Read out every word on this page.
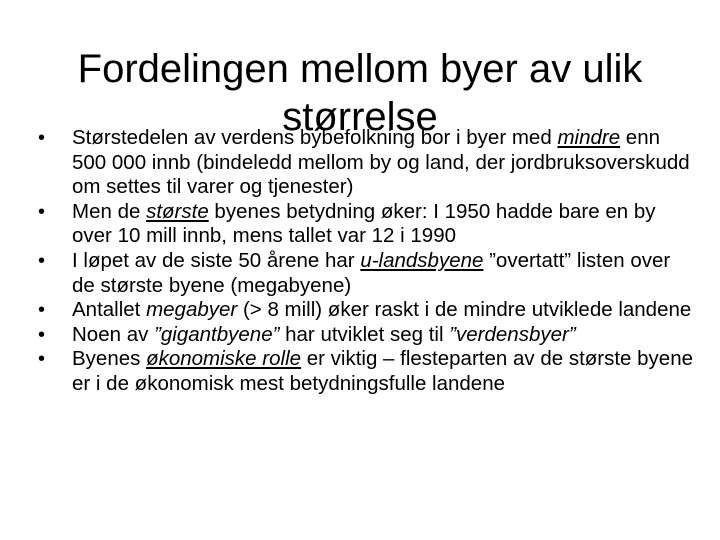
Fordelingen mellom byer av ulik
størrelse
•	Størstedelen av verdens bybefolkning bor i byer med mindre enn 500 000 innb (bindeledd mellom by og land, der jordbruksoverskudd om settes til varer og tjenester)
•	Men de største byenes betydning øker: I 1950 hadde bare en by over 10 mill innb, mens tallet var 12 i 1990
•	I løpet av de siste 50 årene har u-landsbyene ”overtatt” listen over de største byene (megabyene)
•	Antallet megabyer (> 8 mill) øker raskt i de mindre utviklede landene
•	Noen av ”gigantbyene” har utviklet seg til ”verdensbyer”
•	Byenes økonomiske rolle er viktig – flesteparten av de største byene er i de økonomisk mest betydningsfulle landene
